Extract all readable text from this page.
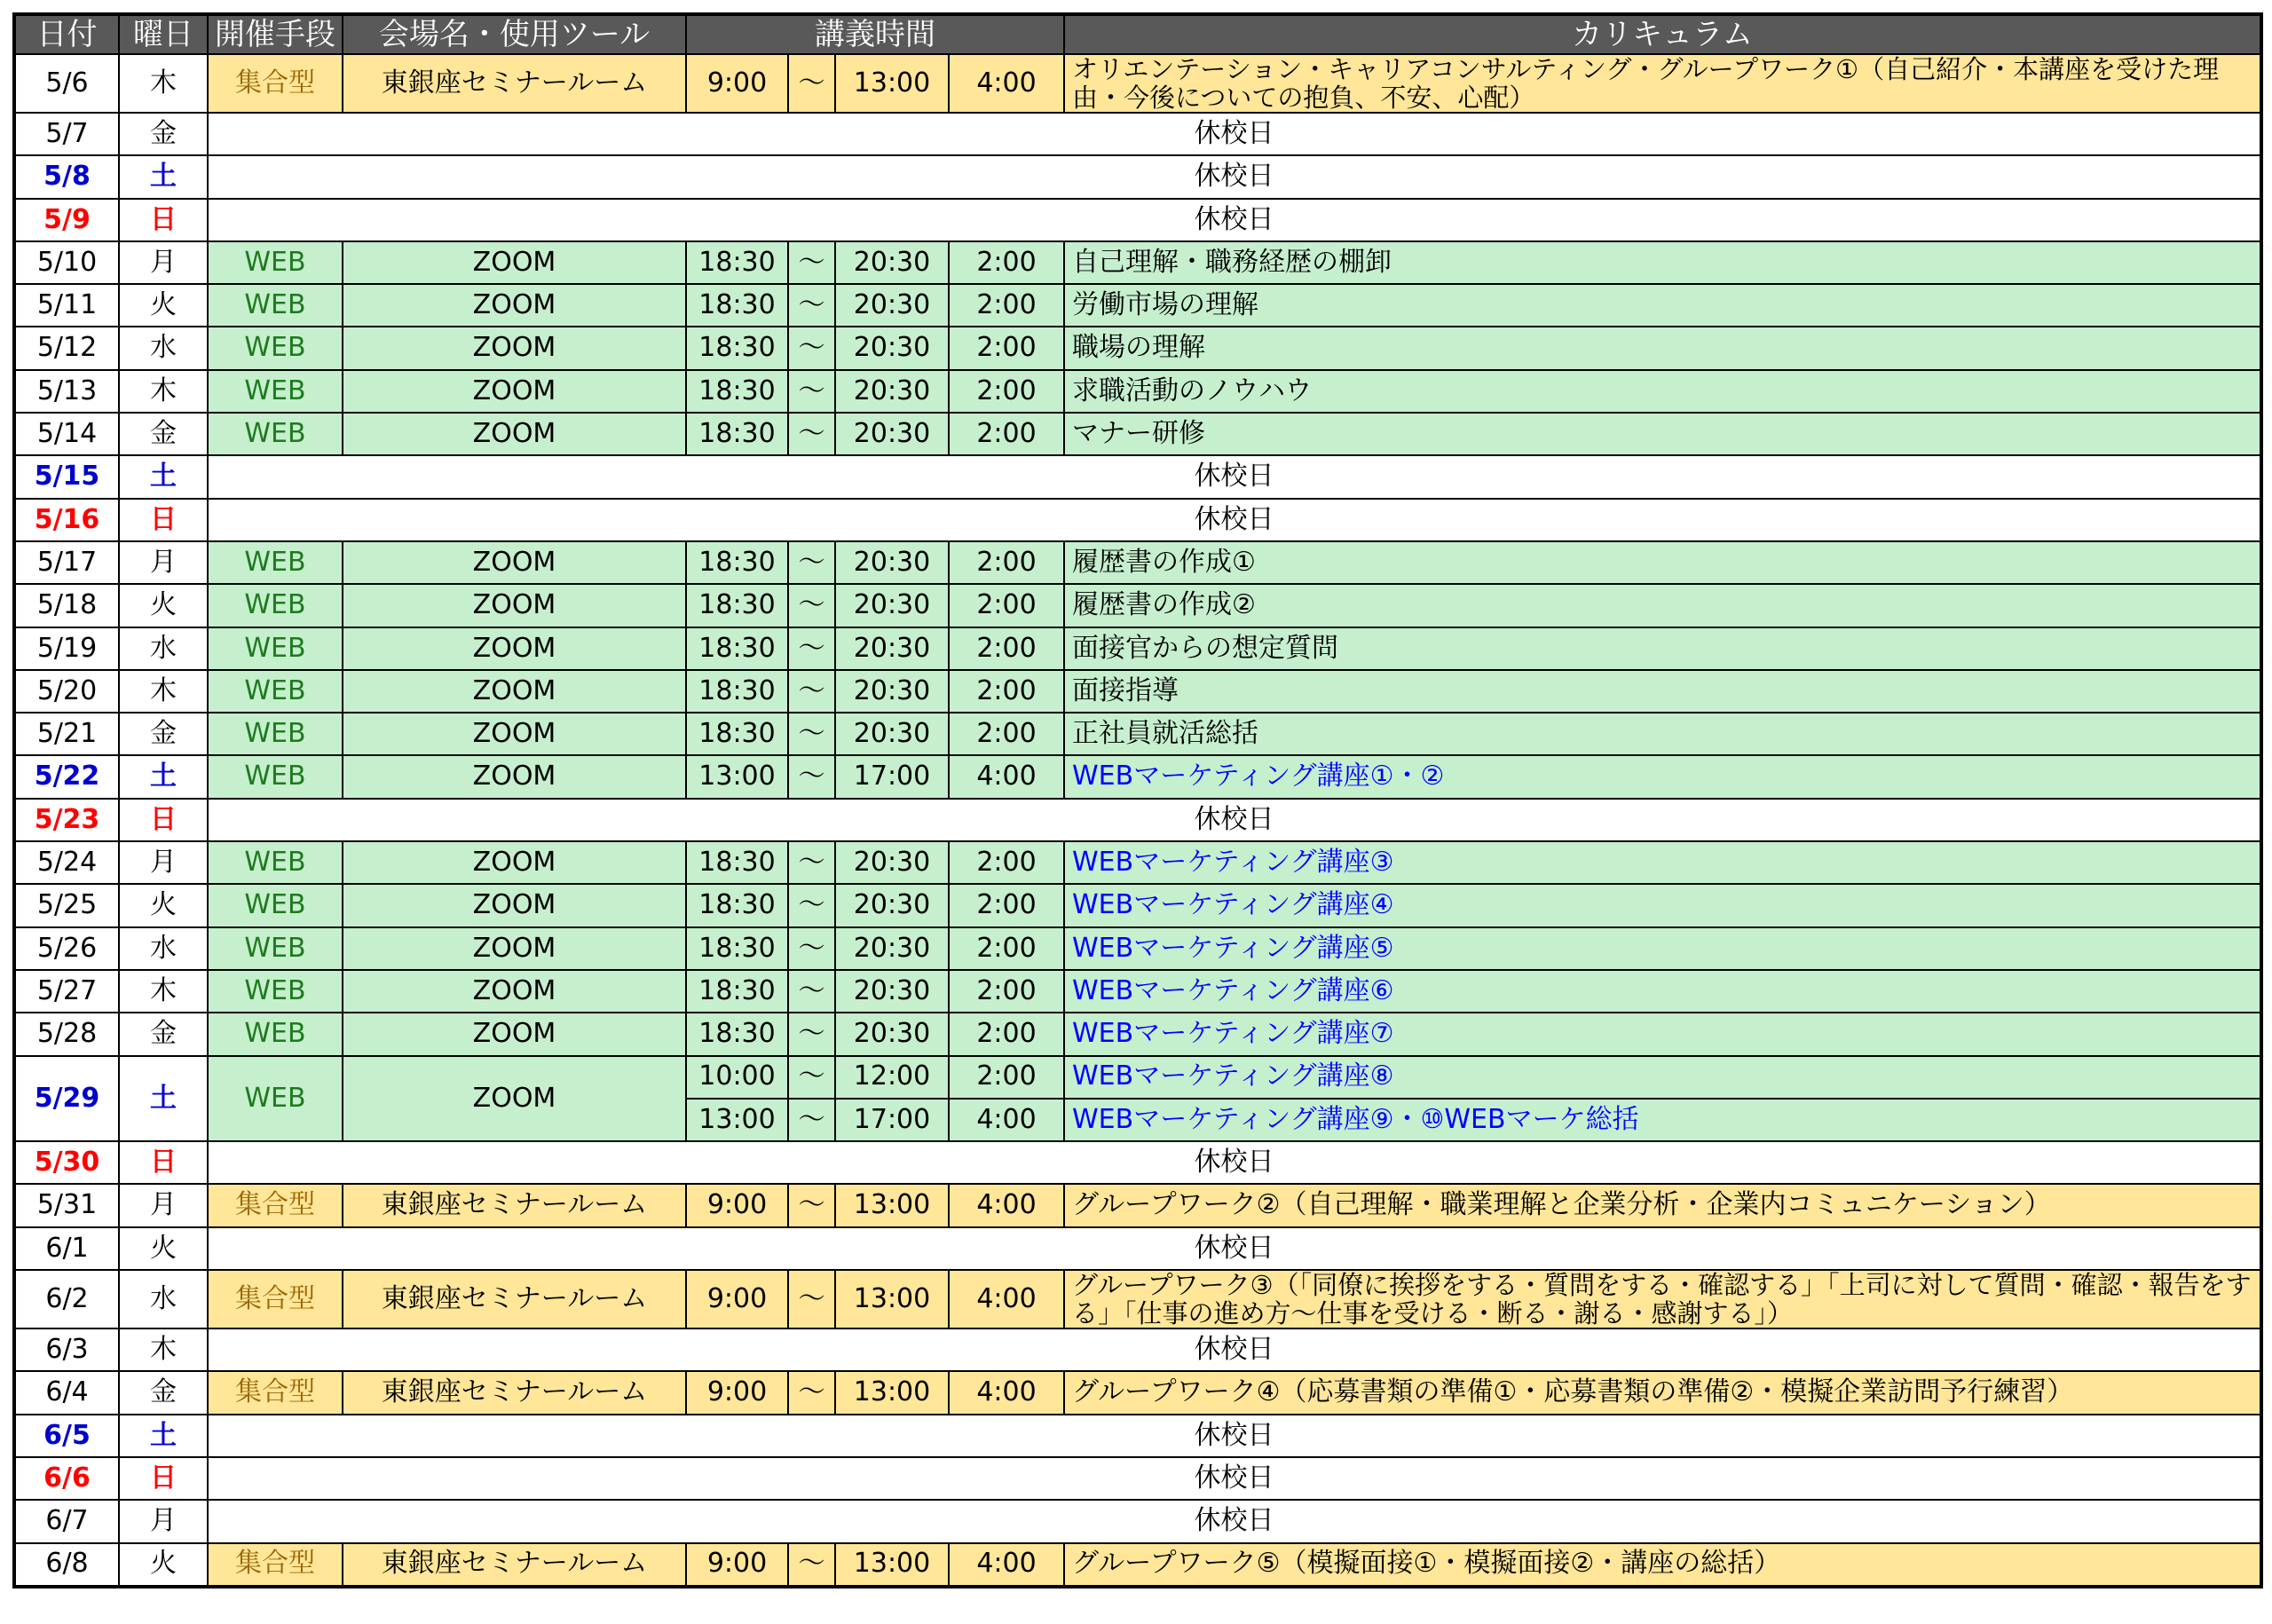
日付	曜日	開催手段	会場名・使用ツール	講義時間				カリキュラム
5/6	木	集合型	東銀座セミナールーム	9:00	～	13:00	4:00	オリエンテーション・キャリアコンサルティング・グループワーク①（自己紹介・本講座を受けた理由・今後についての抱負、不安、心配）
5/7	金	休校日						
5/8	土	休校日						
5/9	日	休校日						
5/10	月	WEB	ZOOM	18:30	～	20:30	2:00	自己理解・職務経歴の棚卸
5/11	火	WEB	ZOOM	18:30	～	20:30	2:00	労働市場の理解
5/12	水	WEB	ZOOM	18:30	～	20:30	2:00	職場の理解
5/13	木	WEB	ZOOM	18:30	～	20:30	2:00	求職活動のノウハウ
5/14	金	WEB	ZOOM	18:30	～	20:30	2:00	マナー研修
5/15	土	休校日						
5/16	日	休校日						
5/17	月	WEB	ZOOM	18:30	～	20:30	2:00	履歴書の作成①
5/18	火	WEB	ZOOM	18:30	～	20:30	2:00	履歴書の作成②
5/19	水	WEB	ZOOM	18:30	～	20:30	2:00	面接官からの想定質問
5/20	木	WEB	ZOOM	18:30	～	20:30	2:00	面接指導
5/21	金	WEB	ZOOM	18:30	～	20:30	2:00	正社員就活総括
5/22	土	WEB	ZOOM	13:00	～	17:00	4:00	WEBマーケティング講座①・②
5/23	日	休校日						
5/24	月	WEB	ZOOM	18:30	～	20:30	2:00	WEBマーケティング講座③
5/25	火	WEB	ZOOM	18:30	～	20:30	2:00	WEBマーケティング講座④
5/26	水	WEB	ZOOM	18:30	～	20:30	2:00	WEBマーケティング講座⑤
5/27	木	WEB	ZOOM	18:30	～	20:30	2:00	WEBマーケティング講座⑥
5/28	金	WEB	ZOOM	18:30	～	20:30	2:00	WEBマーケティング講座⑦
5/29	土	WEB	ZOOM	10:00	～	12:00	2:00	WEBマーケティング講座⑧
				13:00	～	17:00	4:00	WEBマーケティング講座⑨・⑩WEBマーケ総括
5/30	日	休校日						
5/31	月	集合型	東銀座セミナールーム	9:00	～	13:00	4:00	グループワーク②（自己理解・職業理解と企業分析・企業内コミュニケーション）
6/1	火	休校日						
6/2	水	集合型	東銀座セミナールーム	9:00	～	13:00	4:00	グループワーク③（「同僚に挨拶をする・質問をする・確認する」「上司に対して質問・確認・報告をする」「仕事の進め方～仕事を受ける・断る・謝る・感謝する」）
6/3	木	休校日						
6/4	金	集合型	東銀座セミナールーム	9:00	～	13:00	4:00	グループワーク④（応募書類の準備①・応募書類の準備②・模擬企業訪問予行練習）
6/5	土	休校日						
6/6	日	休校日						
6/7	月	休校日						
6/8	火	集合型	東銀座セミナールーム	9:00	～	13:00	4:00	グループワーク⑤（模擬面接①・模擬面接②・講座の総括）
